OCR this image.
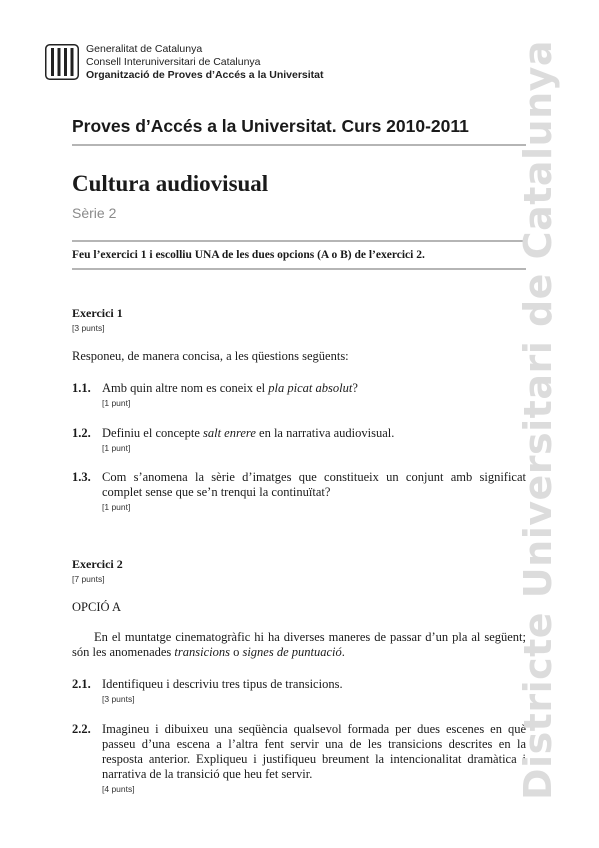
Generalitat de Catalunya
Consell Interuniversitari de Catalunya
Organització de Proves d’Accés a la Universitat
Proves d’Accés a la Universitat. Curs 2010-2011
Cultura audiovisual
Sèrie 2
Feu l’exercici 1 i escolliu UNA de les dues opcions (A o B) de l’exercici 2.
Exercici 1
[3 punts]
Responeu, de manera concisa, a les qüestions següents:
1.1. Amb quin altre nom es coneix el pla picat absolut?
[1 punt]
1.2. Definiu el concepte salt enrere en la narrativa audiovisual.
[1 punt]
1.3. Com s’anomena la sèrie d’imatges que constitueix un conjunt amb significat complet sense que se’n trenqui la continuïtat?
[1 punt]
Exercici 2
[7 punts]
OPCIÓ A
En el muntatge cinematogràfic hi ha diverses maneres de passar d’un pla al següent; són les anomenades transicions o signes de puntuació.
2.1. Identifiqueu i descriviu tres tipus de transicions.
[3 punts]
2.2. Imagineu i dibuixeu una seqüència qualsevol formada per dues escenes en què passeu d’una escena a l’altra fent servir una de les transicions descrites en la resposta anterior. Expliqueu i justifiqueu breument la intencionalitat dramàtica i narrativa de la transició que heu fet servir.
[4 punts]	Districte Universitari de Catalunya
